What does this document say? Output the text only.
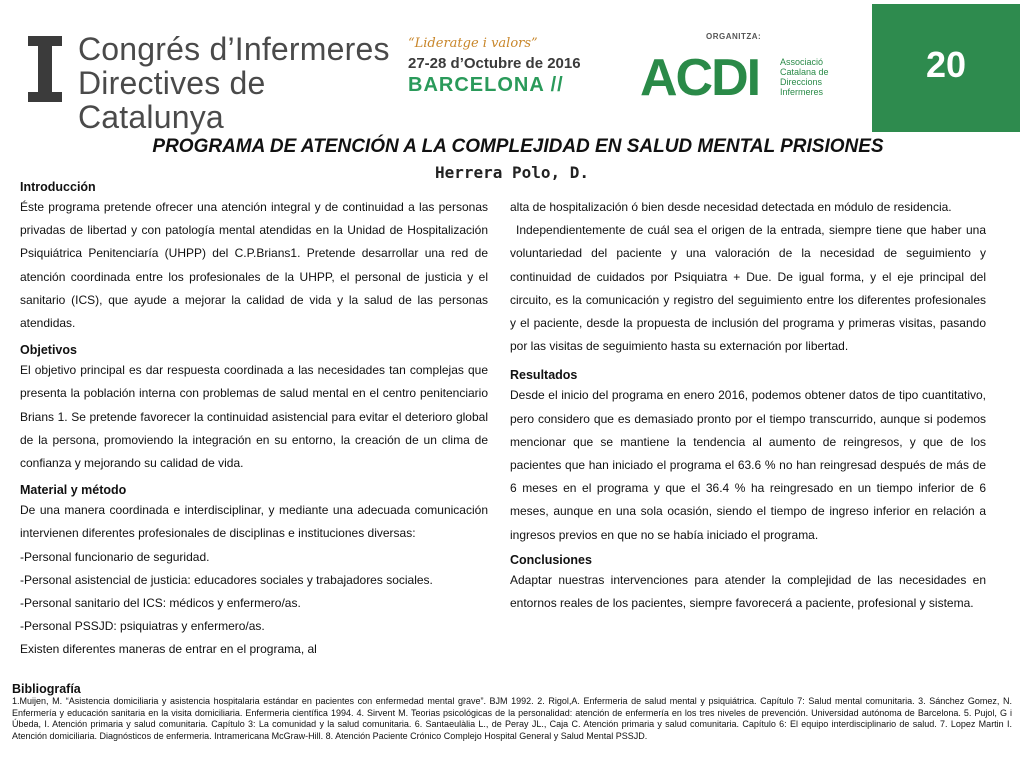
Congrés d’Infermeres
Directives de Catalunya
“Lideratge i valors”
27-28 d’Octubre de 2016
BARCELONA //
ORGANITZA:
ACDI Associació Catalana de Direccions Infermeres
20
PROGRAMA DE ATENCIÓN A LA COMPLEJIDAD EN SALUD MENTAL PRISIONES
Herrera Polo, D.
Introducción
Éste programa pretende ofrecer una atención integral y de continuidad a las personas privadas de libertad y con patología mental atendidas en la Unidad de Hospitalización Psiquiátrica Penitenciaría (UHPP) del C.P.Brians1. Pretende desarrollar una red de atención coordinada entre los profesionales de la UHPP, el personal de justicia y el sanitario (ICS), que ayude a mejorar la calidad de vida y la salud de las personas atendidas.
Objetivos
El objetivo principal es dar respuesta coordinada a las necesidades tan complejas que presenta la población interna con problemas de salud mental en el centro penitenciario Brians 1. Se pretende favorecer la continuidad asistencial para evitar el deterioro global de la persona, promoviendo la integración en su entorno, la creación de un clima de confianza y mejorando su calidad de vida.
Material y método
De una manera coordinada e interdisciplinar, y mediante una adecuada comunicación intervienen diferentes profesionales de disciplinas e instituciones diversas:
-Personal funcionario de seguridad.
-Personal asistencial de justicia: educadores sociales y trabajadores sociales.
-Personal sanitario del ICS: médicos y enfermero/as.
-Personal PSSJD: psiquiatras y enfermero/as.
Existen diferentes maneras de entrar en el programa, al
alta de hospitalización ó bien desde necesidad detectada en módulo de residencia.
Independientemente de cuál sea el origen de la entrada, siempre tiene que haber una voluntariedad del paciente y una valoración de la necesidad de seguimiento y continuidad de cuidados por Psiquiatra + Due. De igual forma, y el eje principal del circuito, es la comunicación y registro del seguimiento entre los diferentes profesionales y el paciente, desde la propuesta de inclusión del programa y primeras visitas, pasando por las visitas de seguimiento hasta su externación por libertad.
Resultados
Desde el inicio del programa en enero 2016, podemos obtener datos de tipo cuantitativo, pero considero que es demasiado pronto por el tiempo transcurrido, aunque si podemos mencionar que se mantiene la tendencia al aumento de reingresos, y que de los pacientes que han iniciado el programa el 63.6 % no han reingresad después de más de 6 meses en el programa y que el 36.4 % ha reingresado en un tiempo inferior de 6 meses, aunque en una sola ocasión, siendo el tiempo de ingreso inferior en relación a ingresos previos en que no se había iniciado el programa.
Conclusiones
Adaptar nuestras intervenciones para atender la complejidad de las necesidades en entornos reales de los pacientes, siempre favorecerá a paciente, profesional y sistema.
Bibliografía
1.Muijen, M. “Asistencia domiciliaria y asistencia hospitalaria estándar en pacientes con enfermedad mental grave”. BJM 1992. 2. Rigol,A. Enfermeria de salud mental y psiquiátrica. Capítulo 7: Salud mental comunitaria. 3. Sánchez Gomez, N. Enfermería y educación sanitaria en la visita domiciliaria. Enfermeria científica 1994. 4. Sirvent M. Teorias psicológicas de la personalidad: atención de enfermería en los tres niveles de prevención. Universidad autónoma de Barcelona. 5. Pujol, G i Úbeda, I. Atención primaria y salud comunitaria. Capítulo 3: La comunidad y la salud comunitaria. 6. Santaeulàlia L., de Peray JL., Caja C. Atención primaria y salud comunitaria. Capítulo 6: El equipo interdisciplinario de salud. 7. Lopez Martin I. Atención domiciliaria. Diagnósticos de enfermeria. Intramericana McGraw-Hill. 8. Atención Paciente Crónico Complejo Hospital General y Salud Mental PSSJD.
